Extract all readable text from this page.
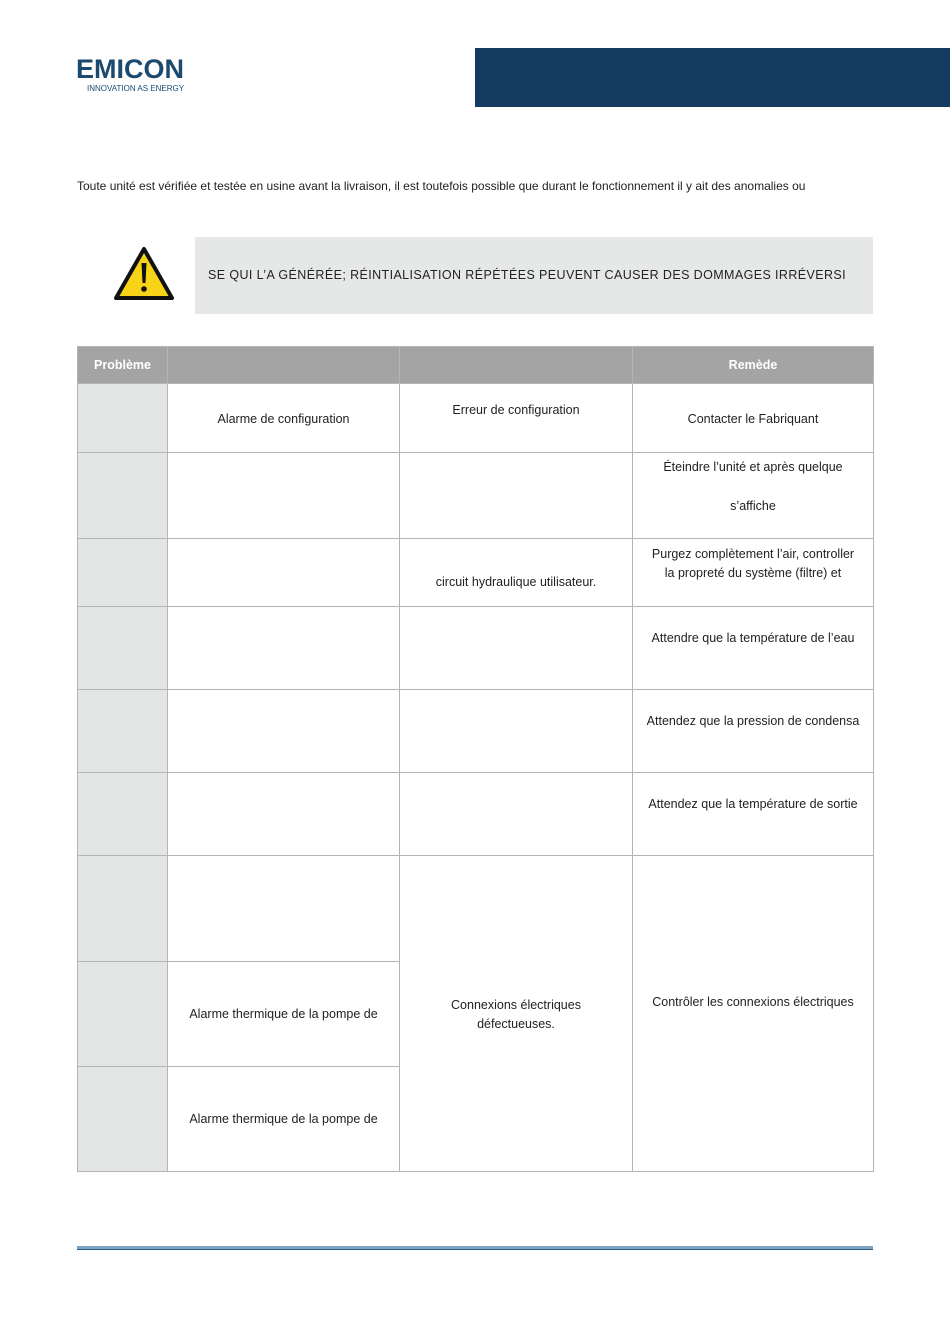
EMICON
INNOVATION AS ENERGY
Toute unité est vérifiée et testée en usine avant la livraison, il est toutefois possible que durant le fonctionnement il y ait des anomalies ou
SE QUI L’A GÉNÉRÉE; RÉINTIALISATION RÉPÉTÉES PEUVENT CAUSER DES DOMMAGES IRRÉVERSI
Problème			Remède
	Alarme de configuration	Erreur de configuration	Contacter le Fabriquant

			Éteindre l’unité et après quelque
s’affiche

		circuit hydraulique utilisateur.	Purgez complètement l’air, controller
la propreté du système (filtre) et

			Attendre que la température de l’eau

			Attendez que la pression de condensa

			Attendez que la température de sortie

		Connexions électriques
défectueuses.	Contrôler les connexions électriques
	Alarme thermique de la pompe de		
	Alarme thermique de la pompe de		
